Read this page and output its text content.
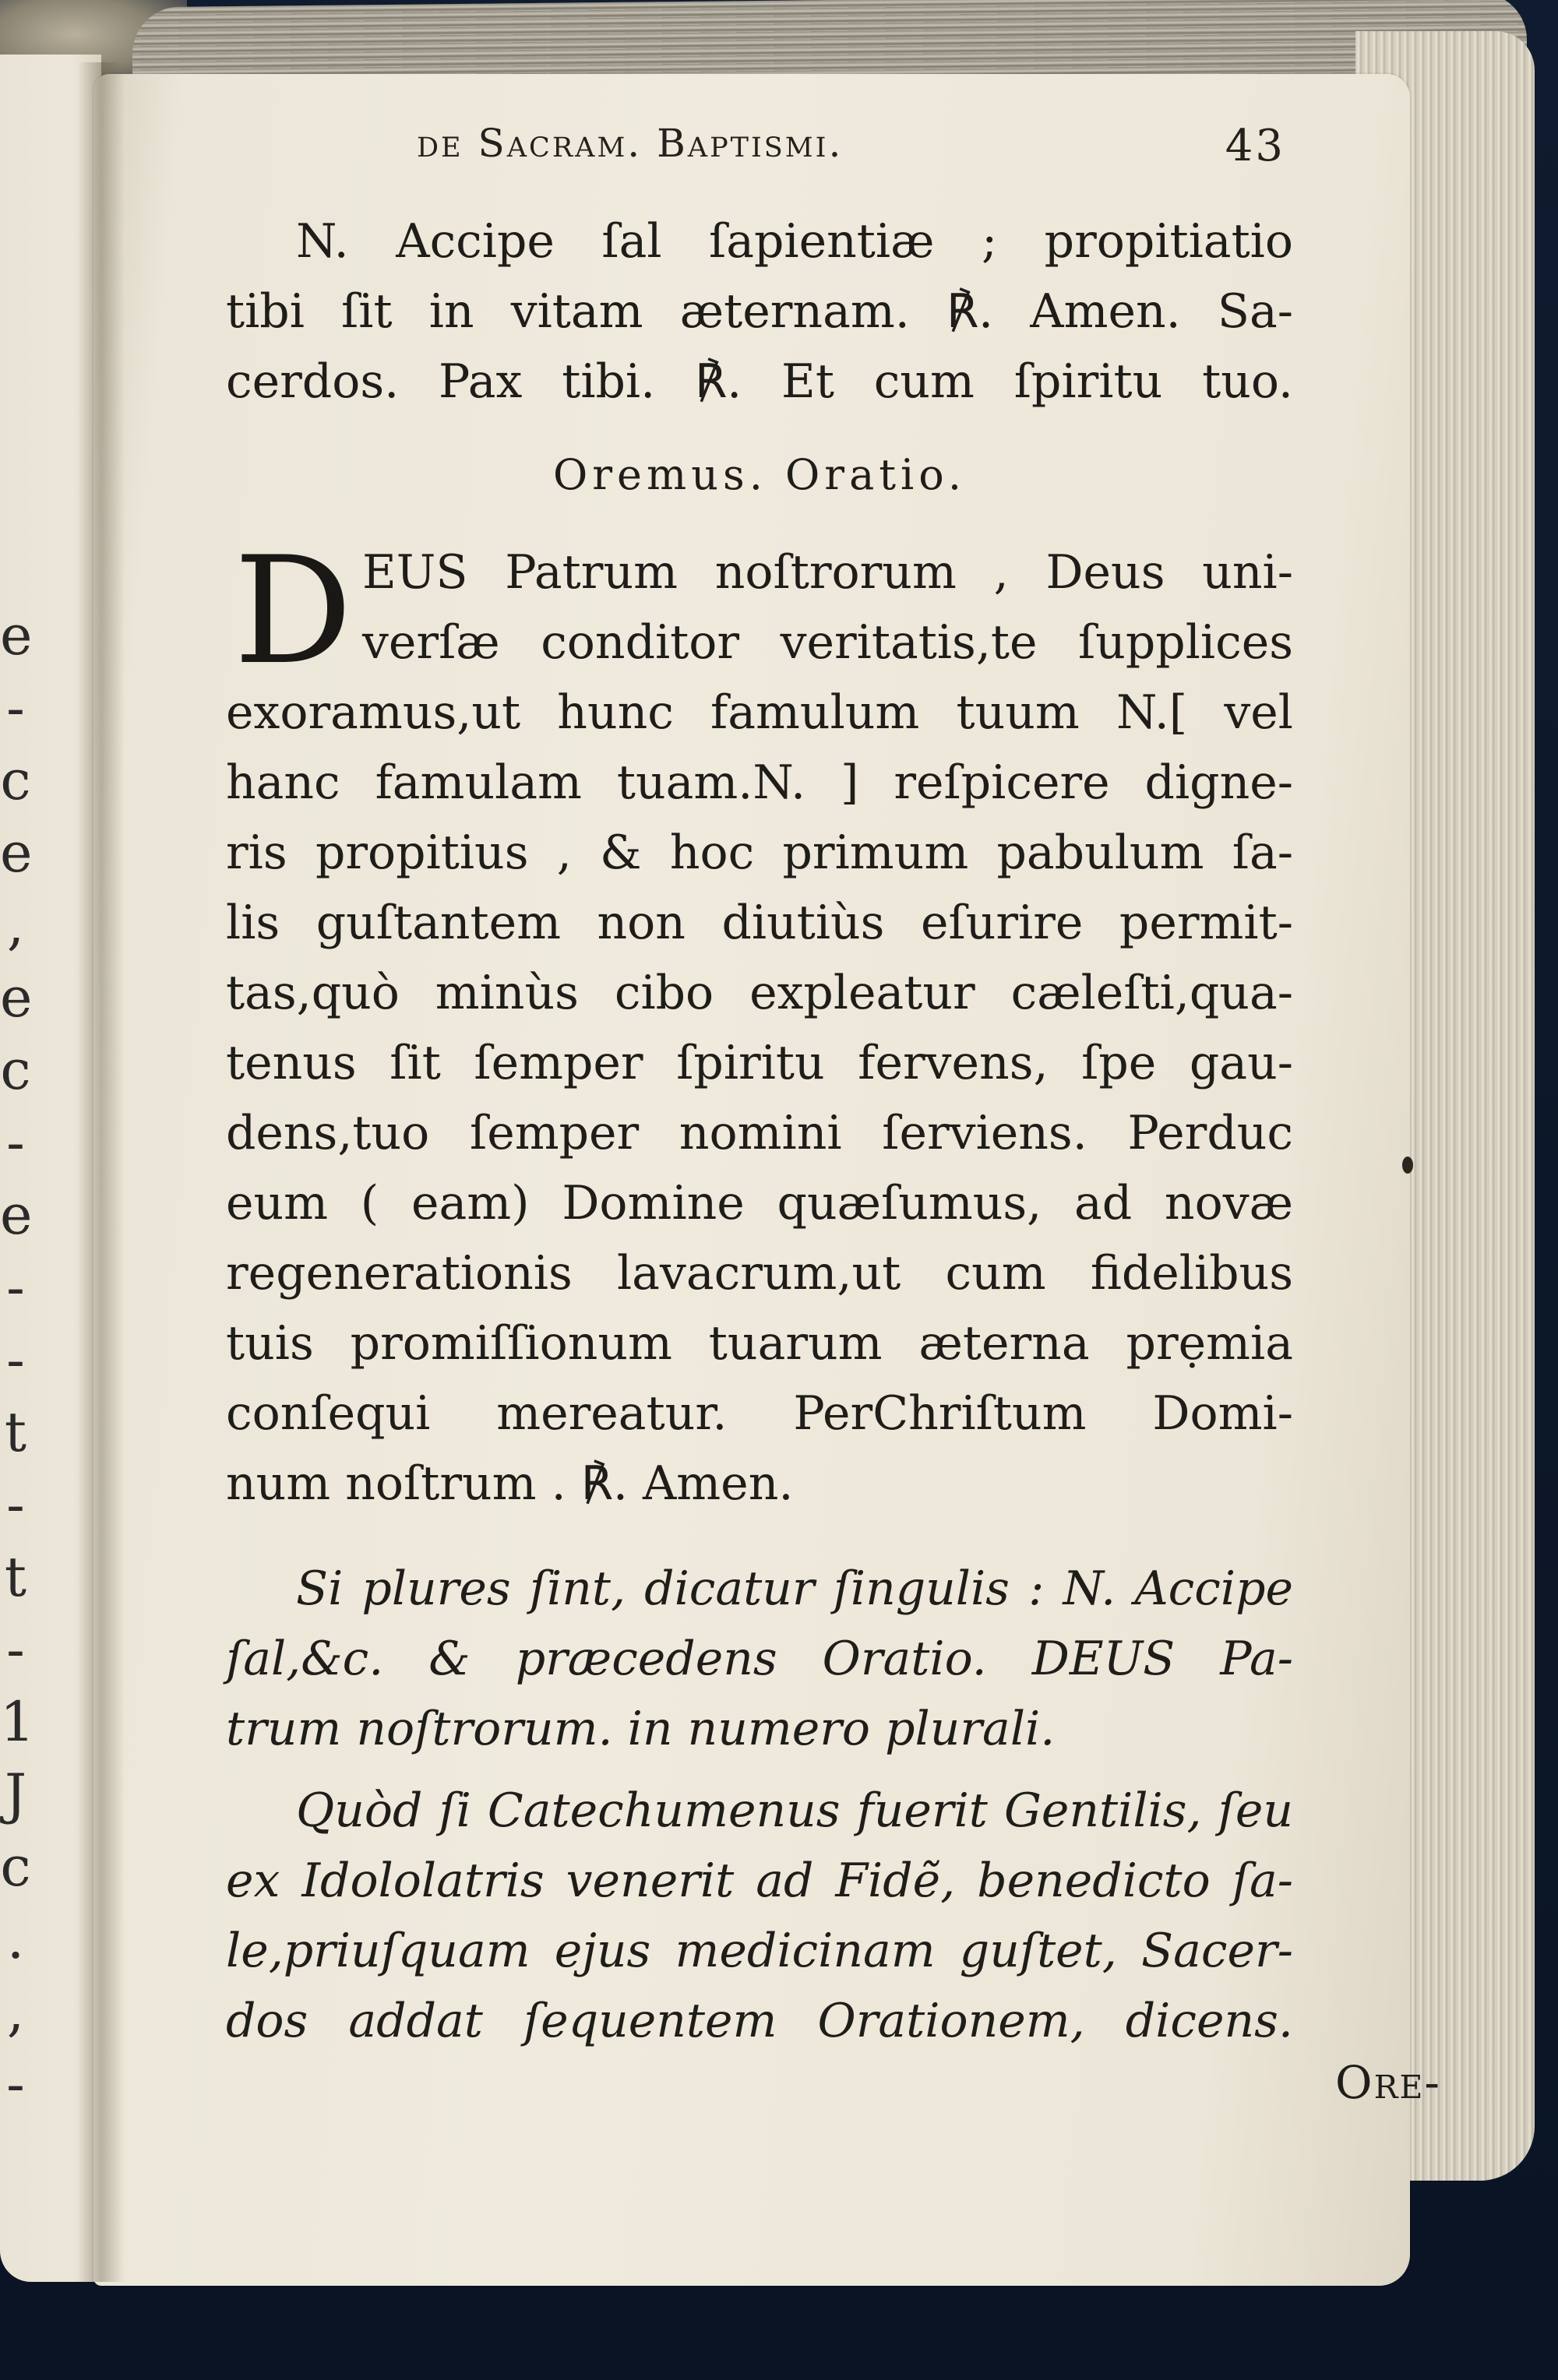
e
-
c
e
,
e
c
-
e
-
-
t
-
t
-
1
J
c
.
,
-
de Sacram. Baptismi.	43
N. Accipe ſal ſapientiæ ; propitiatio
tibi ſit in vitam æternam. ℟. Amen. Sa-
cerdos. Pax tibi. ℟. Et cum ſpiritu tuo.
Oremus. Oratio.
D EUS Patrum noſtrorum , Deus uni-
verſæ conditor veritatis,te ſupplices
exoramus,ut hunc famulum tuum N.[ vel
hanc famulam tuam.N. ] reſpicere digne-
ris propitius , & hoc primum pabulum ſa-
lis guſtantem non diutiùs eſurire permit-
tas,quò minùs cibo expleatur cæleſti,qua-
tenus ſit ſemper ſpiritu fervens, ſpe gau-
dens,tuo ſemper nomini ſerviens. Perduc
eum ( eam) Domine quæſumus, ad novæ
regenerationis lavacrum,ut cum fidelibus
tuis promiſſionum tuarum æterna prẹmia
conſequi mereatur. PerChriſtum Domi-
num noſtrum . ℟. Amen.
Si plures ſint, dicatur ſingulis : N. Accipe
ſal,&c. & præcedens Oratio. DEUS Pa-
trum noſtrorum. in numero plurali.
Quòd ſi Catechumenus fuerit Gentilis, ſeu
ex Idololatris venerit ad Fidẽ, benedicto ſa-
le,priuſquam ejus medicinam guſtet, Sacer-
dos addat ſequentem Orationem, dicens.
Ore-
